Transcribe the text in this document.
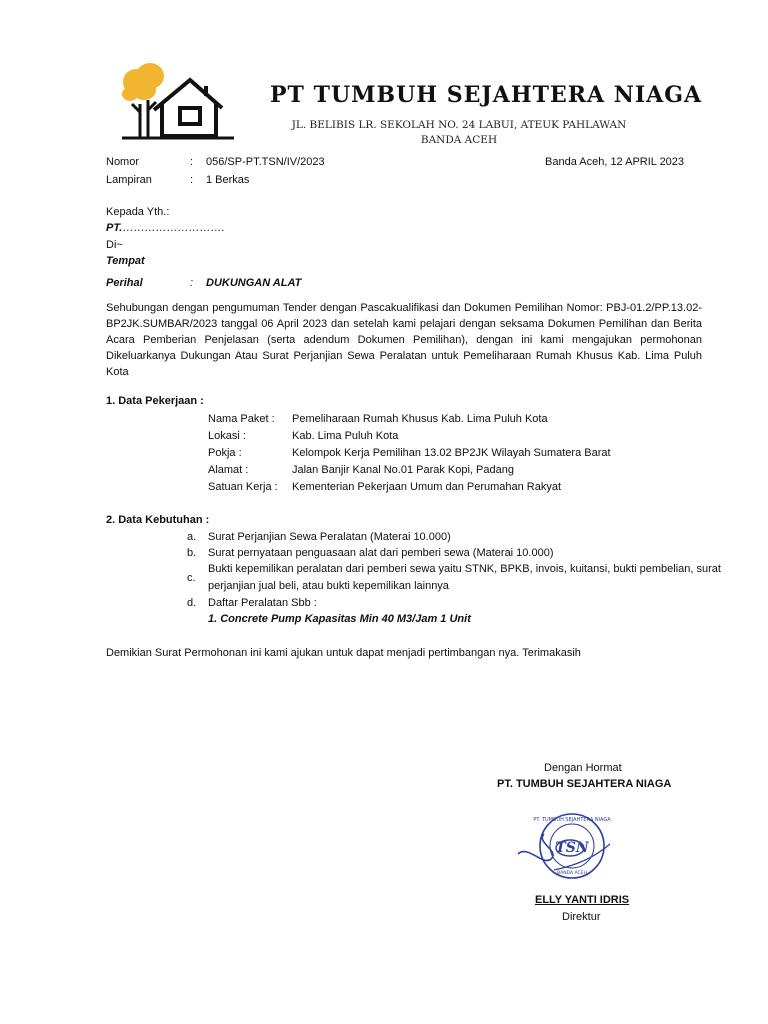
PT TUMBUH SEJAHTERA NIAGA
JL. BELIBIS LR. SEKOLAH NO. 24 LABUI, ATEUK PAHLAWAN
BANDA ACEH
Nomor	: 056/SP-PT.TSN/IV/2023	Banda Aceh, 12 APRIL 2023
Lampiran	: 1 Berkas
Kepada Yth.:
PT.……………………….
Di~
Tempat
Perihal	: DUKUNGAN ALAT
Sehubungan dengan pengumuman Tender dengan Pascakualifikasi dan Dokumen Pemilihan Nomor: PBJ-01.2/PP.13.02-BP2JK.SUMBAR/2023 tanggal 06 April 2023 dan setelah kami pelajari dengan seksama Dokumen Pemilihan dan Berita Acara Pemberian Penjelasan (serta adendum Dokumen Pemilihan), dengan ini kami mengajukan permohonan Dikeluarkanya Dukungan Atau Surat Perjanjian Sewa Peralatan untuk Pemeliharaan Rumah Khusus Kab. Lima Puluh Kota
1. Data Pekerjaan :
Nama Paket : Pemeliharaan Rumah Khusus Kab. Lima Puluh Kota
Lokasi :	Kab. Lima Puluh Kota
Pokja :	Kelompok Kerja Pemilihan 13.02 BP2JK Wilayah Sumatera Barat
Alamat :	Jalan Banjir Kanal No.01 Parak Kopi, Padang
Satuan Kerja : Kementerian Pekerjaan Umum dan Perumahan Rakyat
2. Data Kebutuhan :
a. Surat Perjanjian Sewa Peralatan (Materai 10.000)
b. Surat pernyataan penguasaan alat dari pemberi sewa (Materai 10.000)
c.
Bukti kepemilikan peralatan dari pemberi sewa yaitu STNK, BPKB, invois, kuitansi, bukti pembelian, surat
perjanjian jual beli, atau bukti kepemilikan lainnya
d. Daftar Peralatan Sbb :
1. Concrete Pump Kapasitas Min 40 M3/Jam 1 Unit
Demikian Surat Permohonan ini kami ajukan untuk dapat menjadi pertimbangan nya. Terimakasih
Dengan Hormat
PT. TUMBUH SEJAHTERA NIAGA
TSN
PT. TUMBUH SEJAHTERA NIAGA
BANDA ACEH
ELLY YANTI IDRIS
Direktur
